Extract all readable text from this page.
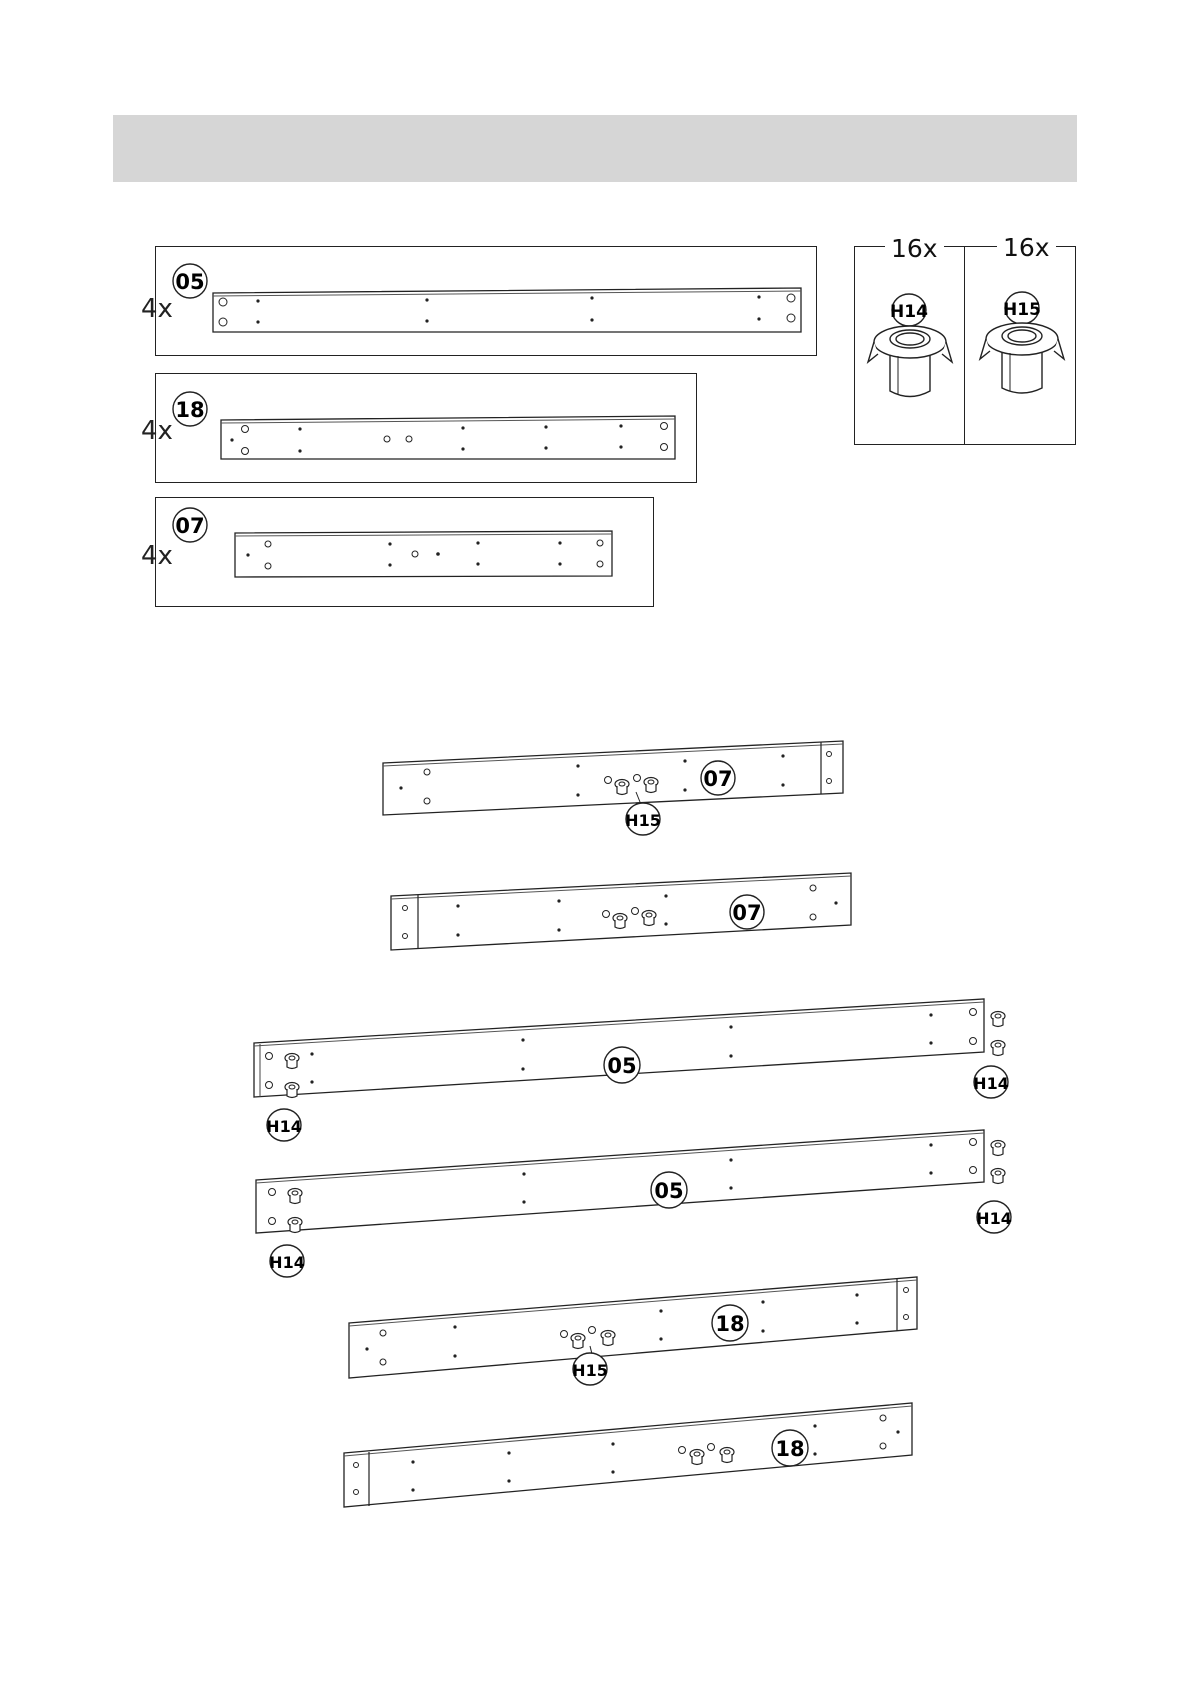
4x
05
4x
18
4x
07
16x	16x
H14	H15
07
H15
07
05
H14
H14
05
H14
H14
18
H15
18
